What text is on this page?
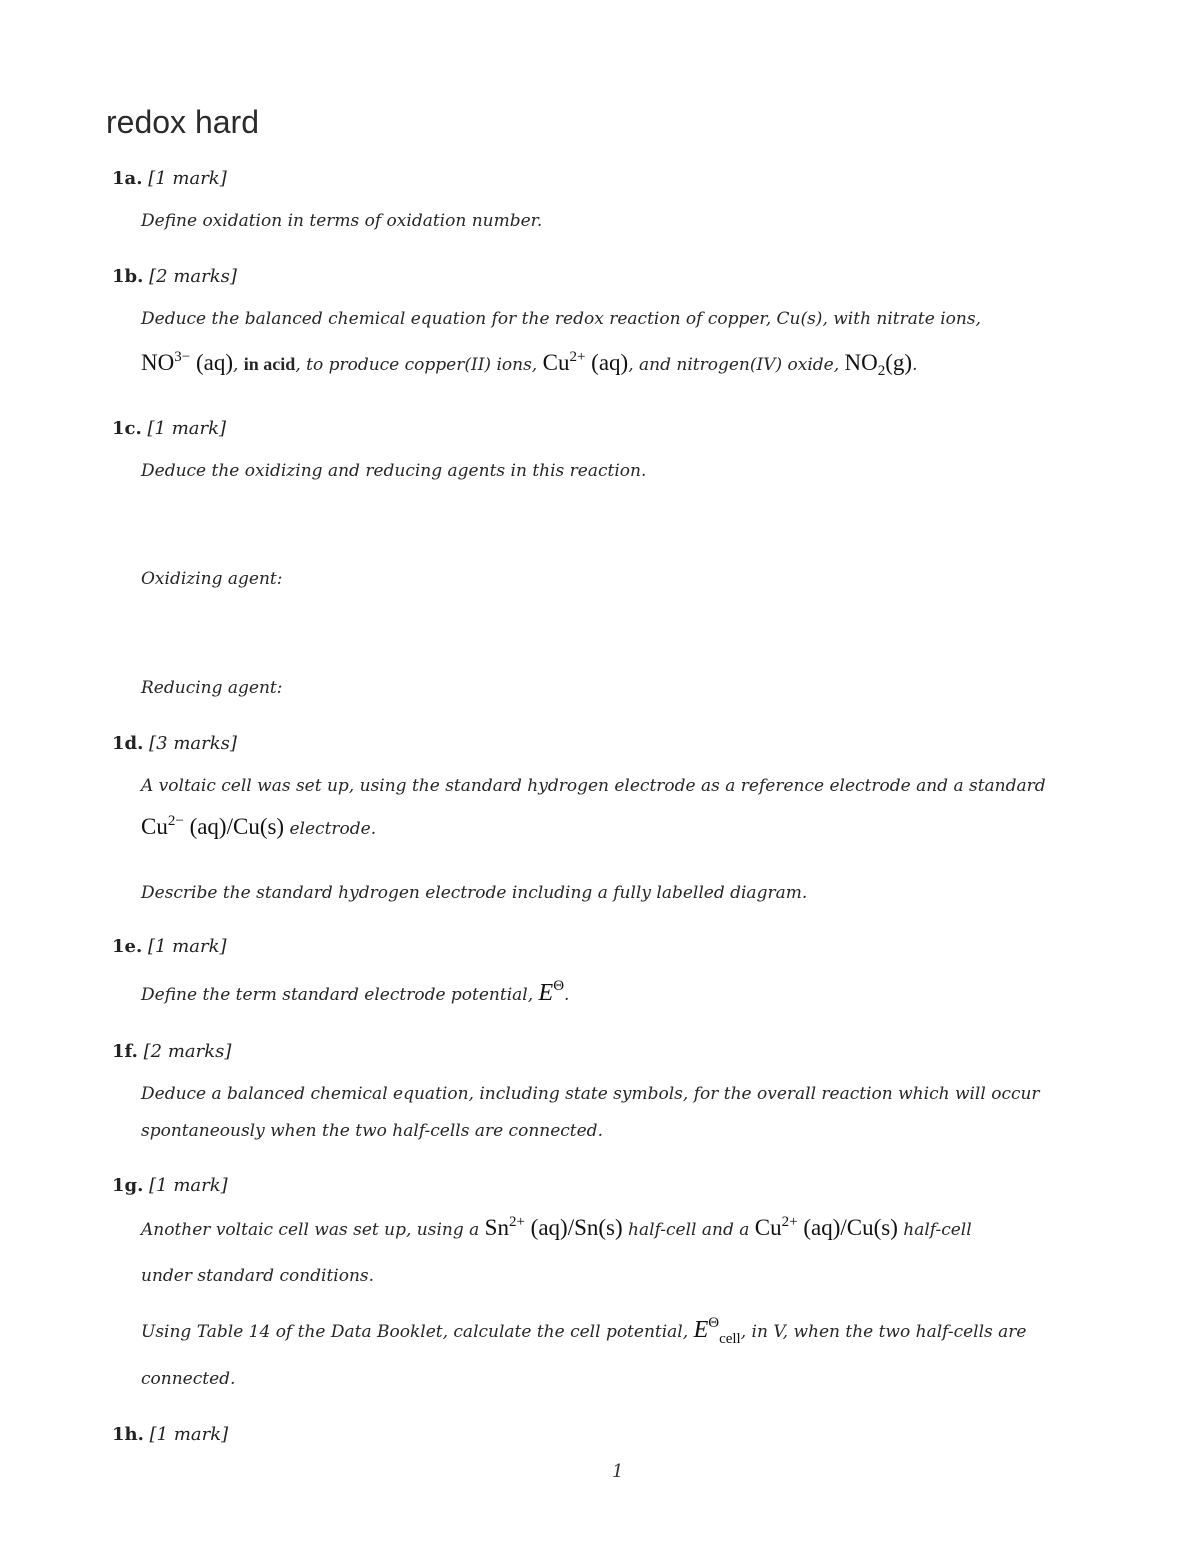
redox hard
1a. [1 mark]
Define oxidation in terms of oxidation number.
1b. [2 marks]
Deduce the balanced chemical equation for the redox reaction of copper, Cu(s), with nitrate ions,
$NO^{3-}$ (aq), in acid, to produce copper(II) ions, $Cu^{2+}$ (aq), and nitrogen(IV) oxide, $NO_2(g)$.
1c. [1 mark]
Deduce the oxidizing and reducing agents in this reaction.
Oxidizing agent:
Reducing agent:
1d. [3 marks]
A voltaic cell was set up, using the standard hydrogen electrode as a reference electrode and a standard
$Cu^{2-}$ (aq)/Cu(s) electrode.
Describe the standard hydrogen electrode including a fully labelled diagram.
1e. [1 mark]
Define the term standard electrode potential, $E^\Theta$.
1f. [2 marks]
Deduce a balanced chemical equation, including state symbols, for the overall reaction which will occur
spontaneously when the two half-cells are connected.
1g. [1 mark]
Another voltaic cell was set up, using a $Sn^{2+}$ (aq)/Sn(s) half-cell and a $Cu^{2+}$ (aq)/Cu(s) half-cell
under standard conditions.
Using Table 14 of the Data Booklet, calculate the cell potential, $E^\Theta_{cell}$, in V, when the two half-cells are
connected.
1h. [1 mark]
1
